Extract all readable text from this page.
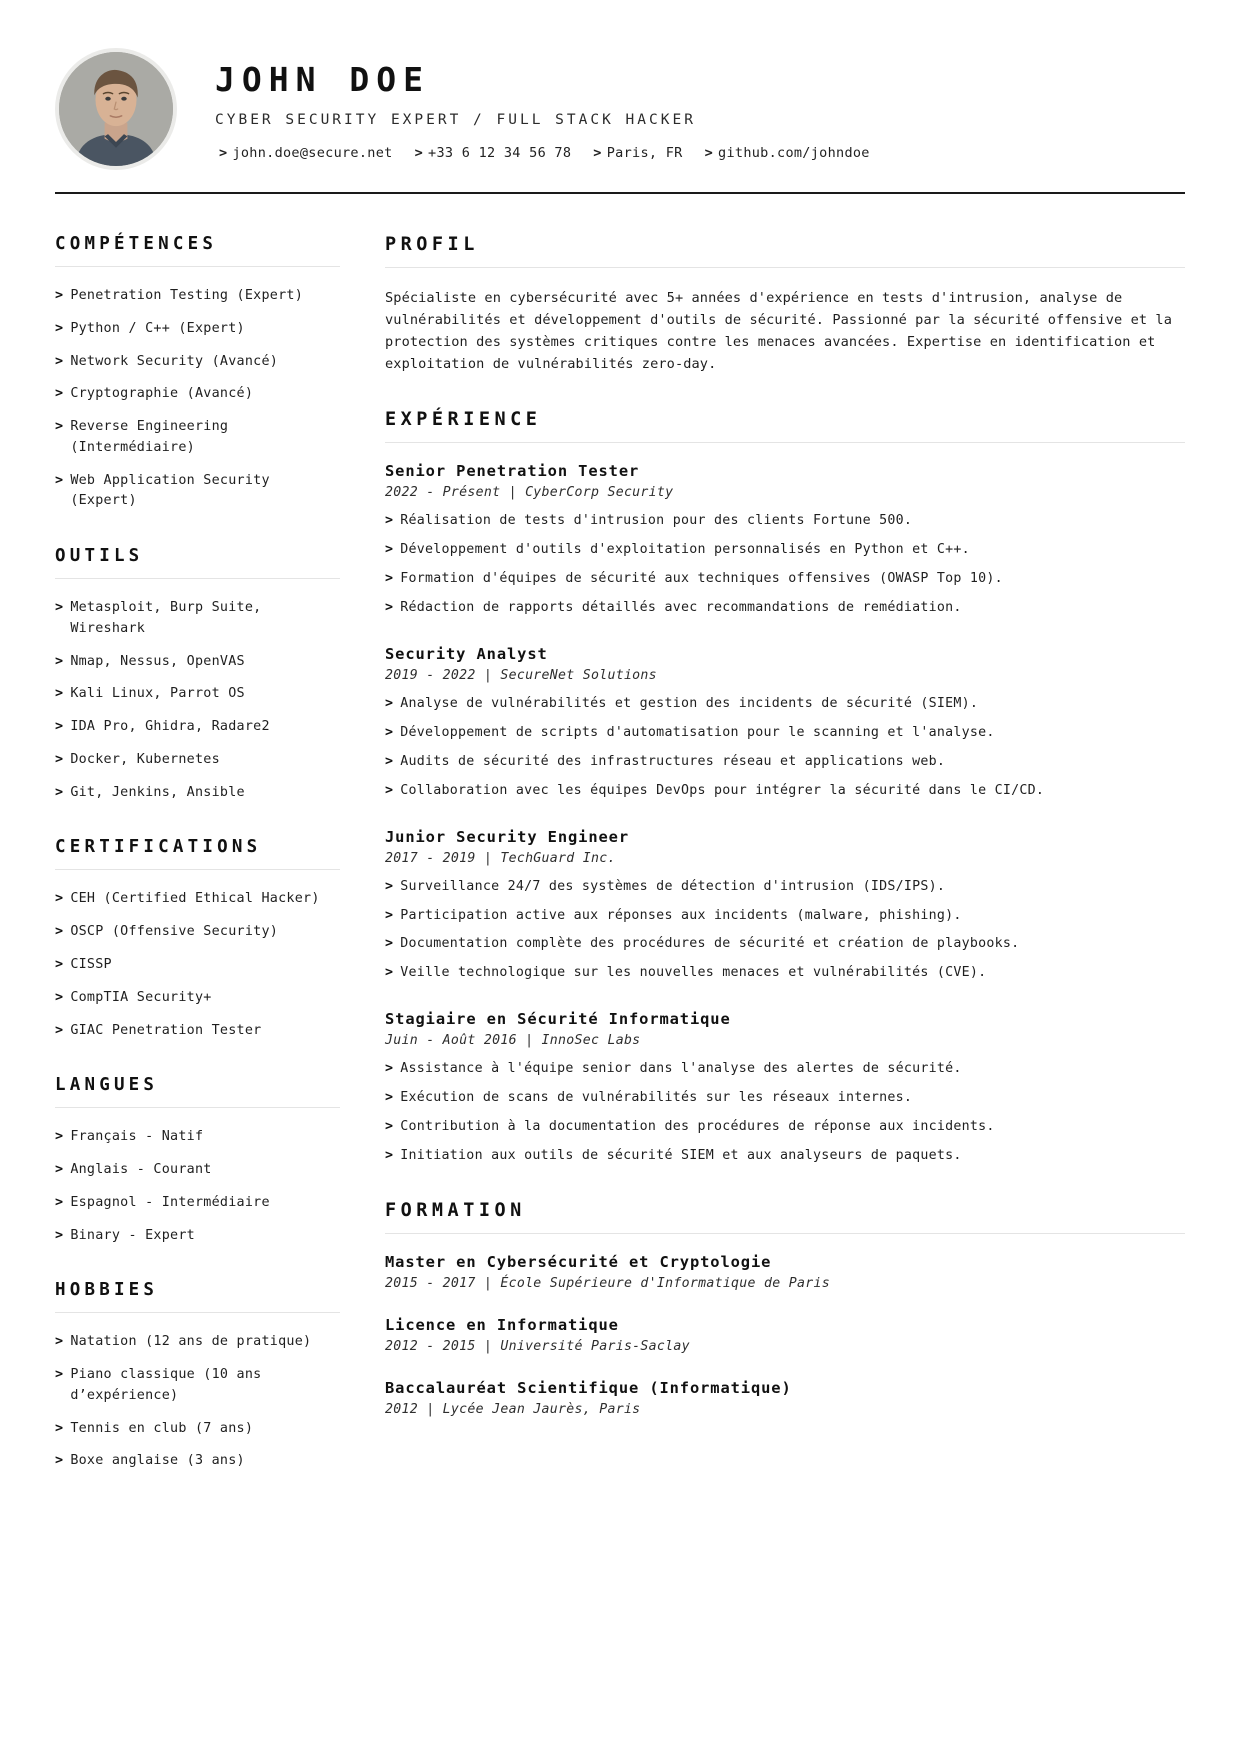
JOHN DOE
CYBER SECURITY EXPERT / FULL STACK HACKER
> john.doe@secure.net > +33 6 12 34 56 78 > Paris, FR > github.com/johndoe
COMPÉTENCES
> Penetration Testing (Expert)
> Python / C++ (Expert)
> Network Security (Avancé)
> Cryptographie (Avancé)
> Reverse Engineering (Intermédiaire)
> Web Application Security (Expert)
OUTILS
> Metasploit, Burp Suite, Wireshark
> Nmap, Nessus, OpenVAS
> Kali Linux, Parrot OS
> IDA Pro, Ghidra, Radare2
> Docker, Kubernetes
> Git, Jenkins, Ansible
CERTIFICATIONS
> CEH (Certified Ethical Hacker)
> OSCP (Offensive Security)
> CISSP
> CompTIA Security+
> GIAC Penetration Tester
LANGUES
> Français - Natif
> Anglais - Courant
> Espagnol - Intermédiaire
> Binary - Expert
HOBBIES
> Natation (12 ans de pratique)
> Piano classique (10 ans d’expérience)
> Tennis en club (7 ans)
> Boxe anglaise (3 ans)
PROFIL

Spécialiste en cybersécurité avec 5+ années d'expérience en tests d'intrusion, analyse de vulnérabilités et développement d'outils de sécurité. Passionné par la sécurité offensive et la protection des systèmes critiques contre les menaces avancées. Expertise en identification et exploitation de vulnérabilités zero-day.

EXPÉRIENCE
Senior Penetration Tester
2022 - Présent | CyberCorp Security
> Réalisation de tests d'intrusion pour des clients Fortune 500.
> Développement d'outils d'exploitation personnalisés en Python et C++.
> Formation d'équipes de sécurité aux techniques offensives (OWASP Top 10).
> Rédaction de rapports détaillés avec recommandations de remédiation.
Security Analyst
2019 - 2022 | SecureNet Solutions
> Analyse de vulnérabilités et gestion des incidents de sécurité (SIEM).
> Développement de scripts d'automatisation pour le scanning et l'analyse.
> Audits de sécurité des infrastructures réseau et applications web.
> Collaboration avec les équipes DevOps pour intégrer la sécurité dans le CI/CD.
Junior Security Engineer
2017 - 2019 | TechGuard Inc.
> Surveillance 24/7 des systèmes de détection d'intrusion (IDS/IPS).
> Participation active aux réponses aux incidents (malware, phishing).
> Documentation complète des procédures de sécurité et création de playbooks.
> Veille technologique sur les nouvelles menaces et vulnérabilités (CVE).
Stagiaire en Sécurité Informatique
Juin - Août 2016 | InnoSec Labs
> Assistance à l'équipe senior dans l'analyse des alertes de sécurité.
> Exécution de scans de vulnérabilités sur les réseaux internes.
> Contribution à la documentation des procédures de réponse aux incidents.
> Initiation aux outils de sécurité SIEM et aux analyseurs de paquets.
FORMATION
Master en Cybersécurité et Cryptologie
2015 - 2017 | École Supérieure d'Informatique de Paris
Licence en Informatique
2012 - 2015 | Université Paris-Saclay
Baccalauréat Scientifique (Informatique)
2012 | Lycée Jean Jaurès, Paris
